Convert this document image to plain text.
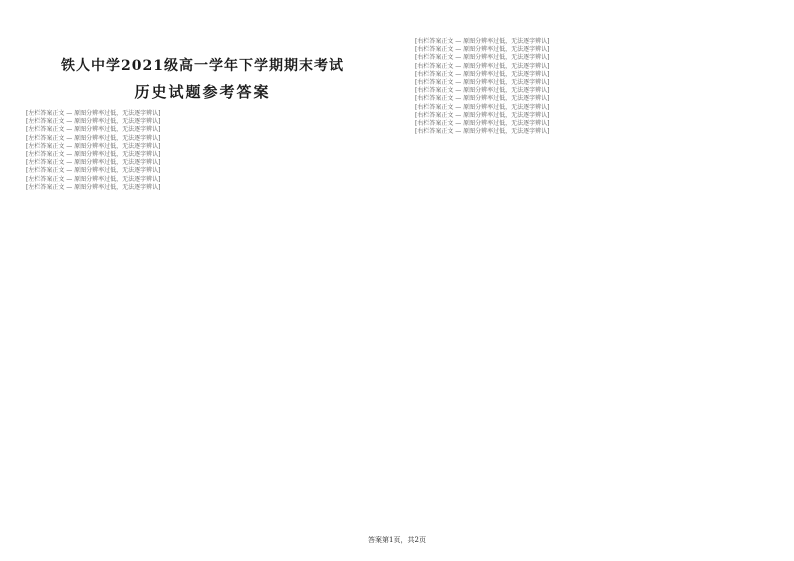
铁人中学2021级高一学年下学期期末考试
历史试题参考答案

[左栏答案正文 — 原图分辨率过低，无法逐字辨认]

[左栏答案正文 — 原图分辨率过低，无法逐字辨认]

[左栏答案正文 — 原图分辨率过低，无法逐字辨认]

[左栏答案正文 — 原图分辨率过低，无法逐字辨认]

[左栏答案正文 — 原图分辨率过低，无法逐字辨认]

[左栏答案正文 — 原图分辨率过低，无法逐字辨认]

[左栏答案正文 — 原图分辨率过低，无法逐字辨认]

[左栏答案正文 — 原图分辨率过低，无法逐字辨认]

[左栏答案正文 — 原图分辨率过低，无法逐字辨认]

[左栏答案正文 — 原图分辨率过低，无法逐字辨认]

[右栏答案正文 — 原图分辨率过低，无法逐字辨认]

[右栏答案正文 — 原图分辨率过低，无法逐字辨认]

[右栏答案正文 — 原图分辨率过低，无法逐字辨认]

[右栏答案正文 — 原图分辨率过低，无法逐字辨认]

[右栏答案正文 — 原图分辨率过低，无法逐字辨认]

[右栏答案正文 — 原图分辨率过低，无法逐字辨认]

[右栏答案正文 — 原图分辨率过低，无法逐字辨认]

[右栏答案正文 — 原图分辨率过低，无法逐字辨认]

[右栏答案正文 — 原图分辨率过低，无法逐字辨认]

[右栏答案正文 — 原图分辨率过低，无法逐字辨认]

[右栏答案正文 — 原图分辨率过低，无法逐字辨认]

[右栏答案正文 — 原图分辨率过低，无法逐字辨认]

答案第1页，共2页
